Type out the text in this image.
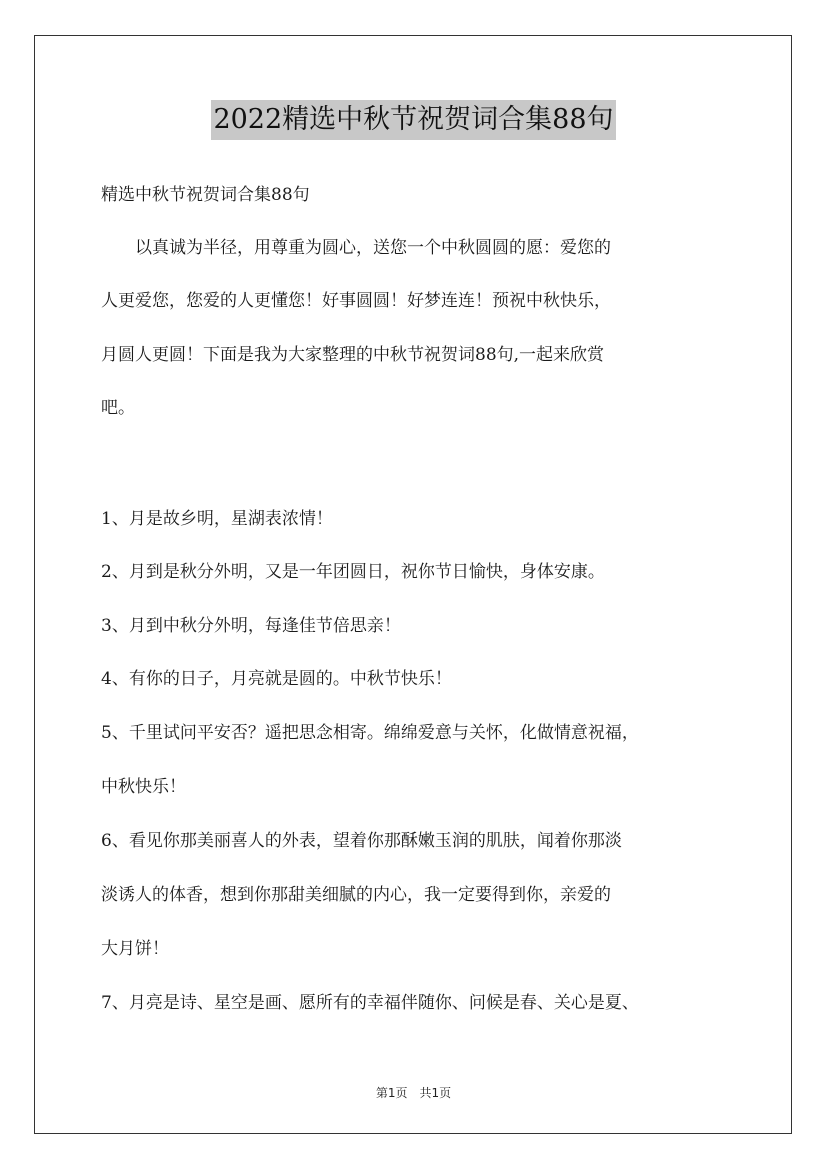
2022精选中秋节祝贺词合集88句
精选中秋节祝贺词合集88句
　　以真诚为半径，用尊重为圆心，送您一个中秋圆圆的愿：爱您的
人更爱您，您爱的人更懂您！好事圆圆！好梦连连！预祝中秋快乐，
月圆人更圆！下面是我为大家整理的中秋节祝贺词88句,一起来欣赏
吧。
1、月是故乡明，星湖表浓情！
2、月到是秋分外明，又是一年团圆日，祝你节日愉快，身体安康。
3、月到中秋分外明，每逢佳节倍思亲！
4、有你的日子，月亮就是圆的。中秋节快乐！
5、千里试问平安否？遥把思念相寄。绵绵爱意与关怀，化做情意祝福，
中秋快乐！
6、看见你那美丽喜人的外表，望着你那酥嫩玉润的肌肤，闻着你那淡
淡诱人的体香，想到你那甜美细腻的内心，我一定要得到你，亲爱的
大月饼！
7、月亮是诗、星空是画、愿所有的幸福伴随你、问候是春、关心是夏、
第1页　共1页
